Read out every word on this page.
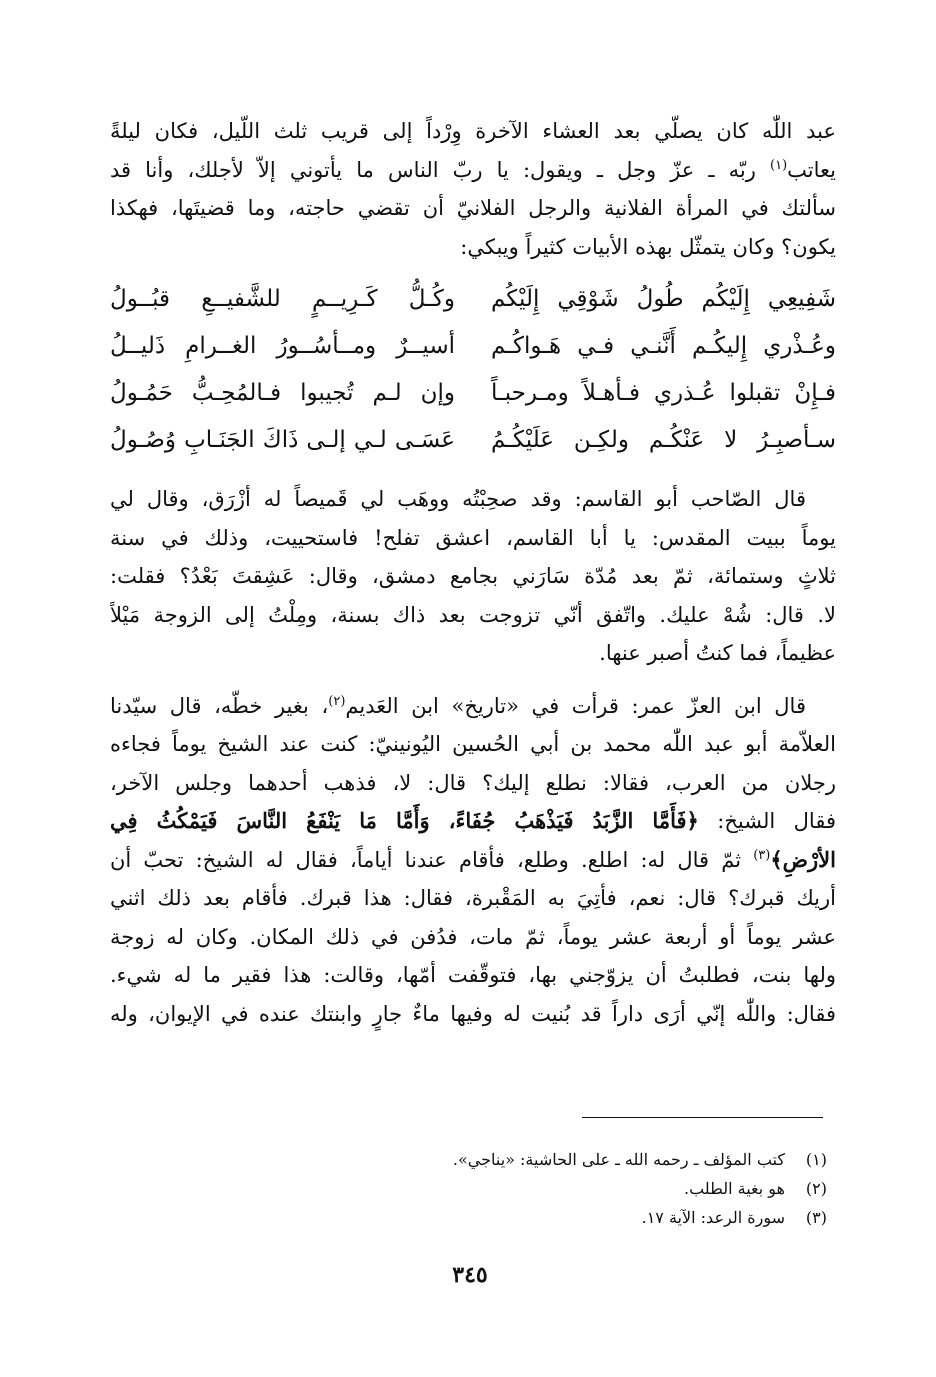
عبد اللّٰه كان يصلّي بعد العشاء الآخرة وِرْداً إلى قريب ثلث اللّيل، فكان ليلةً
يعاتب$^{(١)}$ ربّه ـ عزّ وجل ـ ويقول: يا ربّ الناس ما يأتوني إلاّ لأجلك، وأنا قد
سألتك في المرأة الفلانية والرجل الفلانيّ أن تقضي حاجته، وما قضيتَها، فهكذا
يكون؟ وكان يتمثّل بهذه الأبيات كثيراً ويبكي:
شَفِيعِي إِلَيْكُم طُولُ شَوْقِي إِلَيْكُم
وكُـلُّ كَـرِيــمٍ للشَّفيــعِ قبُــولُ
وعُـذْري إِليكُـم أَنَّنـي فـي هَـواكُـم
أسيــرٌ ومــأسُــورُ الغــرامِ ذَليــلُ
فـإِنْ تقبلوا عُـذري فـأهـلاً ومـرحبـاً
وإن لـم تُجيبوا فـالمُحِـبُّ حَمُـولُ
سـأصبِـرُ لا عَنْكُـم ولكِـن عَلَيْكُـمُ
عَسَـى لـي إلـى ذَاكَ الجَنَـابِ وُصُـولُ
قال الصّاحب أبو القاسم: وقد صحِبْتُه ووهَب لي قَميصاً له أزْرَق، وقال لي
يوماً ببيت المقدس: يا أبا القاسم، اعشق تفلح! فاستحييت، وذلك في سنة
ثلاثٍ وستمائة، ثمّ بعد مُدّة سَارَني بجامع دمشق، وقال: عَشِقتَ بَعْدُ؟ فقلت:
لا. قال: شُهْ عليك. واتّفق أنّي تزوجت بعد ذاك بسنة، ومِلْتُ إلى الزوجة مَيْلاً
عظيماً، فما كنتُ أصبر عنها.
قال ابن العزّ عمر: قرأت في «تاريخ» ابن العَديم$^{(٢)}$، بغير خطّه، قال سيّدنا
العلاّمة أبو عبد اللّٰه محمد بن أبي الحُسين اليُونينيّ: كنت عند الشيخ يوماً فجاءه
رجلان من العرب، فقالا: نطلع إليك؟ قال: لا، فذهب أحدهما وجلس الآخر،
فقال الشيخ: ﴿فَأَمَّا الزَّبَدُ فَيَذْهَبُ جُفَاءً، وَأَمَّا مَا يَنْفَعُ النَّاسَ فَيَمْكُثُ فِي
الأرْضِ﴾$^{(٣)}$ ثمّ قال له: اطلع. وطلع، فأقام عندنا أياماً، فقال له الشيخ: تحبّ أن
أريك قبرك؟ قال: نعم، فأتِيَ به المَقْبرة، فقال: هذا قبرك. فأقام بعد ذلك اثني
عشر يوماً أو أربعة عشر يوماً، ثمّ مات، فدُفن في ذلك المكان. وكان له زوجة
ولها بنت، فطلبتُ أن يزوّجني بها، فتوقّفت أمّها، وقالت: هذا فقير ما له شيء.
فقال: واللّٰه إنّي أرَى داراً قد بُنيت له وفيها ماءٌ جارٍ وابنتك عنده في الإيوان، وله
(١)
كتب المؤلف ـ رحمه الله ـ على الحاشية: «يناجي».
(٢)
هو بغية الطلب.
(٣)
سورة الرعد: الآية ١٧.
٣٤٥
